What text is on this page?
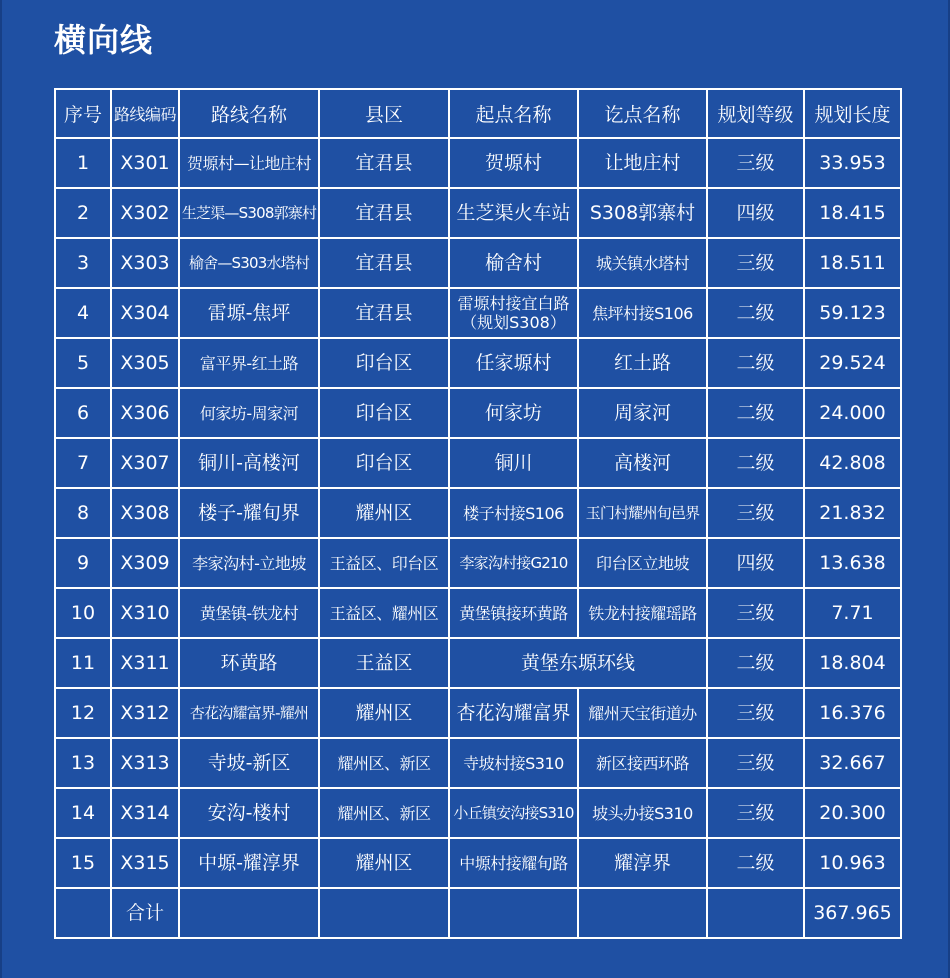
横向线
序号	路线编码	路线名称	县区	起点名称	讫点名称	规划等级	规划长度
1	X301	贺塬村—让地庄村	宜君县	贺塬村	让地庄村	三级	33.953
2	X302	生芝渠—S308郭寨村	宜君县	生芝渠火车站	S308郭寨村	四级	18.415
3	X303	榆舍—S303水塔村	宜君县	榆舍村	城关镇水塔村	三级	18.511
4	X304	雷塬-焦坪	宜君县	雷塬村接宜白路（规划S308）	焦坪村接S106	二级	59.123
5	X305	富平界-红土路	印台区	任家塬村	红土路	二级	29.524
6	X306	何家坊-周家河	印台区	何家坊	周家河	二级	24.000
7	X307	铜川-高楼河	印台区	铜川	高楼河	二级	42.808
8	X308	楼子-耀旬界	耀州区	楼子村接S106	玉门村耀州旬邑界	三级	21.832
9	X309	李家沟村-立地坡	王益区、印台区	李家沟村接G210	印台区立地坡	四级	13.638
10	X310	黄堡镇-铁龙村	王益区、耀州区	黄堡镇接环黄路	铁龙村接耀瑶路	三级	7.71
11	X311	环黄路	王益区	黄堡东塬环线		二级	18.804
12	X312	杏花沟耀富界-耀州	耀州区	杏花沟耀富界	耀州天宝街道办	三级	16.376
13	X313	寺坡-新区	耀州区、新区	寺坡村接S310	新区接西环路	三级	32.667
14	X314	安沟-楼村	耀州区、新区	小丘镇安沟接S310	坡头办接S310	三级	20.300
15	X315	中塬-耀淳界	耀州区	中塬村接耀旬路	耀淳界	二级	10.963
	合计						367.965
